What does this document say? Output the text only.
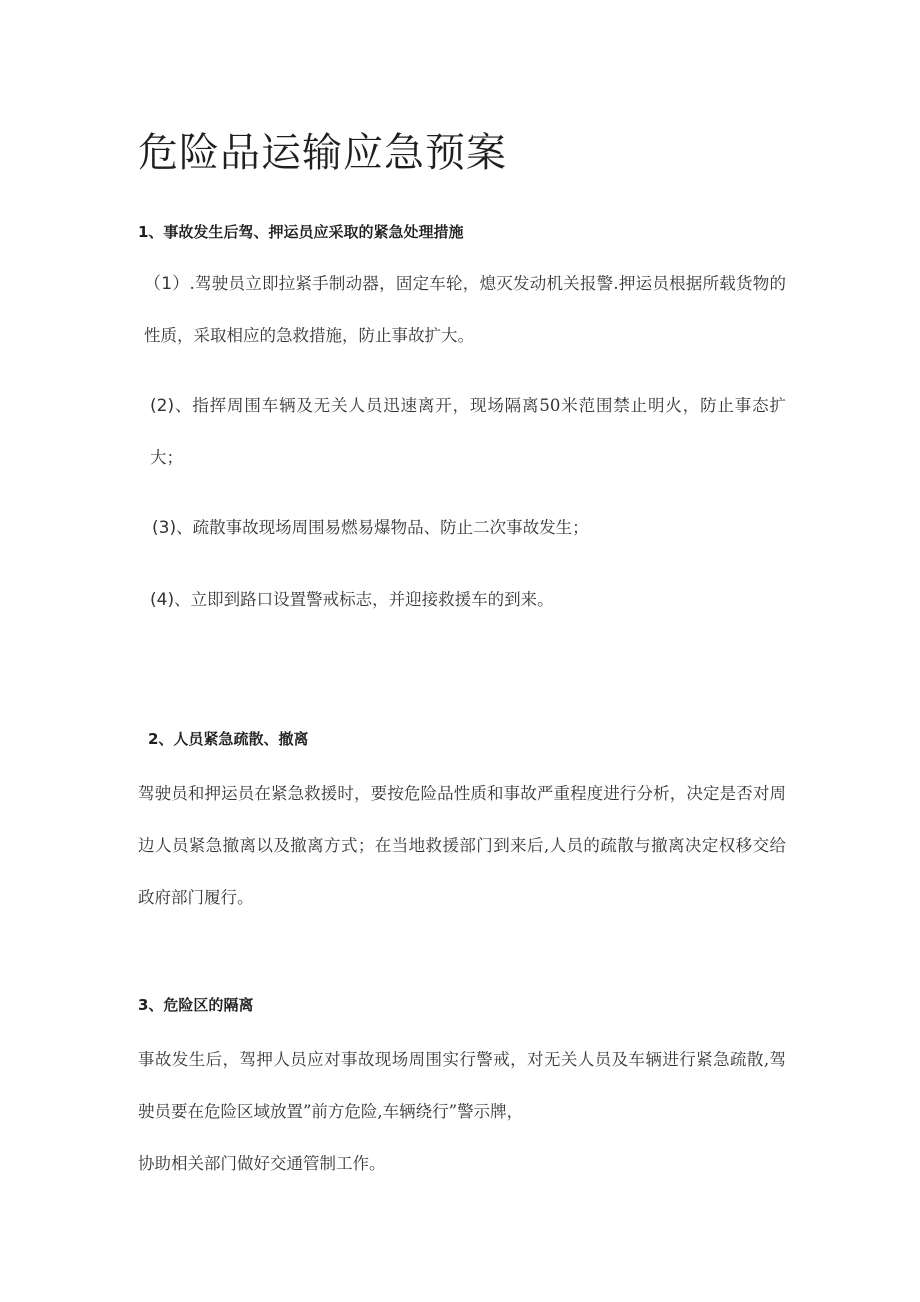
危险品运输应急预案
1、事故发生后驾、押运员应采取的紧急处理措施

（1）.驾驶员立即拉紧手制动器，固定车轮，熄灭发动机关报警.押运员根据所载货物的性质，采取相应的急救措施，防止事故扩大。

(2)、指挥周围车辆及无关人员迅速离开，现场隔离50米范围禁止明火，防止事态扩大；

(3)、疏散事故现场周围易燃易爆物品、防止二次事故发生；

(4)、立即到路口设置警戒标志，并迎接救援车的到来。

2、人员紧急疏散、撤离

驾驶员和押运员在紧急救援时，要按危险品性质和事故严重程度进行分析，决定是否对周边人员紧急撤离以及撤离方式；在当地救援部门到来后,人员的疏散与撤离决定权移交给政府部门履行。

3、危险区的隔离

事故发生后，驾押人员应对事故现场周围实行警戒，对无关人员及车辆进行紧急疏散,驾驶员要在危险区域放置”前方危险,车辆绕行”警示牌，

协助相关部门做好交通管制工作。
